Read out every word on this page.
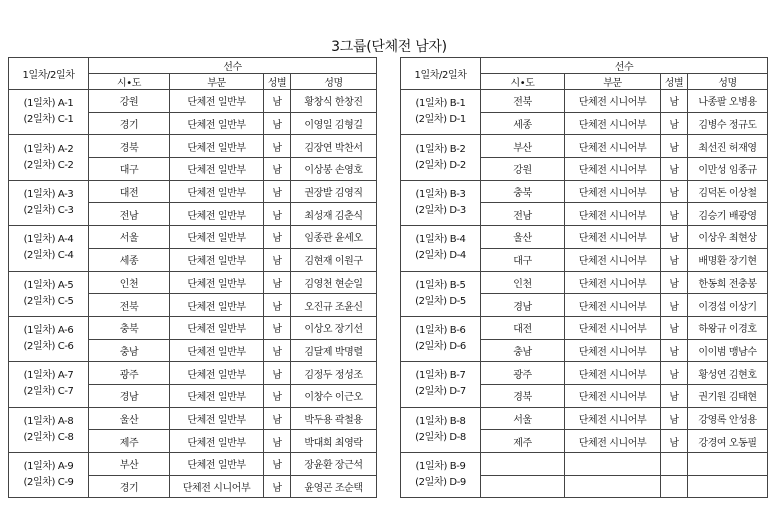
3그룹(단체전 남자)
1일차/2일차	선수			
	시•도	부문	성별	성명

(1일차) A-1
(2일차) C-1	강원	단체전 일반부	남	황창식 한창진
	경기	단체전 일반부	남	이영일 김형길

(1일차) A-2
(2일차) C-2	경북	단체전 일반부	남	김장연 박찬서
	대구	단체전 일반부	남	이상봉 손영호

(1일차) A-3
(2일차) C-3	대전	단체전 일반부	남	권장발 김영직
	전남	단체전 일반부	남	최성재 김춘식

(1일차) A-4
(2일차) C-4	서울	단체전 일반부	남	임종관 윤세오
	세종	단체전 일반부	남	김현재 이원구

(1일차) A-5
(2일차) C-5	인천	단체전 일반부	남	김영천 현순일
	전북	단체전 일반부	남	오진규 조윤신

(1일차) A-6
(2일차) C-6	충북	단체전 일반부	남	이상오 장기선
	충남	단체전 일반부	남	김달제 박명렬

(1일차) A-7
(2일차) C-7	광주	단체전 일반부	남	김정두 정성조
	경남	단체전 일반부	남	이창수 이근오

(1일차) A-8
(2일차) C-8	울산	단체전 일반부	남	박두용 곽철용
	제주	단체전 일반부	남	박대희 최영락

(1일차) A-9
(2일차) C-9	부산	단체전 일반부	남	장윤환 장근석
	경기	단체전 시니어부	남	윤영곤 조순택
1일차/2일차	선수			
	시•도	부문	성별	성명

(1일차) B-1
(2일차) D-1	전북	단체전 시니어부	남	나종팔 오병용
	세종	단체전 시니어부	남	김병수 정규도

(1일차) B-2
(2일차) D-2	부산	단체전 시니어부	남	최선진 허재영
	강원	단체전 시니어부	남	이만성 임종규

(1일차) B-3
(2일차) D-3	충북	단체전 시니어부	남	김덕돈 이상철
	전남	단체전 시니어부	남	김승기 배광영

(1일차) B-4
(2일차) D-4	울산	단체전 시니어부	남	이상우 최현상
	대구	단체전 시니어부	남	배명환 장기현

(1일차) B-5
(2일차) D-5	인천	단체전 시니어부	남	한동희 전충봉
	경남	단체전 시니어부	남	이경섭 이상기

(1일차) B-6
(2일차) D-6	대전	단체전 시니어부	남	하왕규 이경호
	충남	단체전 시니어부	남	이이범 맹남수

(1일차) B-7
(2일차) D-7	광주	단체전 시니어부	남	황성연 김현호
	경북	단체전 시니어부	남	권기원 김태현

(1일차) B-8
(2일차) D-8	서울	단체전 시니어부	남	강영록 안성용
	제주	단체전 시니어부	남	강경여 오동필

(1일차) B-9
(2일차) D-9				
